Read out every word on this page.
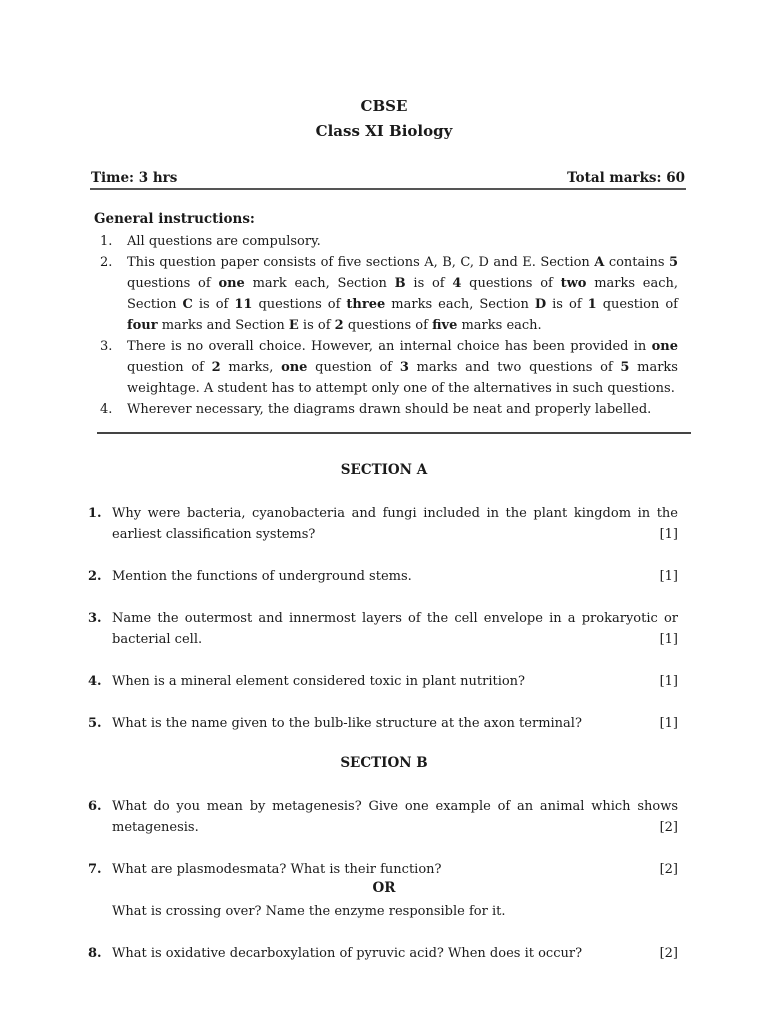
CBSE
Class XI Biology
Time: 3 hrs	Total marks: 60
General instructions:
1.	All questions are compulsory.
2.	This question paper consists of five sections A, B, C, D and E. Section A contains 5 questions of one mark each, Section B is of 4 questions of two marks each, Section C is of 11 questions of three marks each, Section D is of 1 question of four marks and Section E is of 2 questions of five marks each.
3.	There is no overall choice. However, an internal choice has been provided in one question of 2 marks, one question of 3 marks and two questions of 5 marks weightage. A student has to attempt only one of the alternatives in such questions.
4.	Wherever necessary, the diagrams drawn should be neat and properly labelled.
SECTION A
1. Why were bacteria, cyanobacteria and fungi included in the plant kingdom in the
earliest classification systems?	[1]
2. Mention the functions of underground stems.	[1]
3. Name the outermost and innermost layers of the cell envelope in a prokaryotic or
bacterial cell.	[1]
4. When is a mineral element considered toxic in plant nutrition?	[1]
5. What is the name given to the bulb-like structure at the axon terminal?	[1]
SECTION B
6. What do you mean by metagenesis? Give one example of an animal which shows
metagenesis.	[2]
7. What are plasmodesmata? What is their function?	[2]
OR
What is crossing over? Name the enzyme responsible for it.
8. What is oxidative decarboxylation of pyruvic acid? When does it occur?	[2]
